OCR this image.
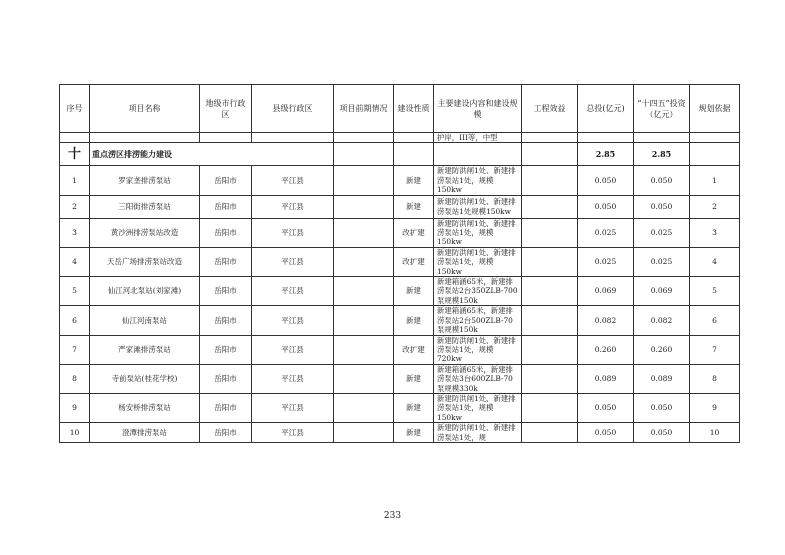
序号	项目名称	地级市行政区	县级行政区	项目前期情况	建设性质	主要建设内容和建设规模	工程效益	总投(亿元)	“十四五”投资（亿元）	规划依据
						护岸，III等，中型				
十	重点涝区排涝能力建设							2.85	2.85	
1	罗家垄排涝泵站	岳阳市	平江县		新建	新建防洪闸1处、新建排涝泵站1处，规模150kw		0.050	0.050	1
2	三阳街排涝泵站	岳阳市	平江县		新建	新建防洪闸1处、新建排涝泵站1处规模150kw		0.050	0.050	2
3	黄沙洲排涝泵站改造	岳阳市	平江县		改扩建	新建防洪闸1处、新建排涝泵站1处，规模150kw		0.025	0.025	3
4	天岳广场排涝泵站改造	岳阳市	平江县		改扩建	新建防洪闸1处、新建排涝泵站1处，规模150kw		0.025	0.025	4
5	仙江河北泵站(刘家滩)	岳阳市	平江县		新建	新建箱涵65米，新建排涝泵站2台350ZLB-700泵规模150k		0.069	0.069	5
6	仙江河南泵站	岳阳市	平江县		新建	新建箱涵65米，新建排涝泵站2台500ZLB-70泵规模150k		0.082	0.082	6
7	严家滩排涝泵站	岳阳市	平江县		改扩建	新建防洪闸1处、新建排涝泵站1处，规模720kw		0.260	0.260	7
8	寺前泵站(桂花学校)	岳阳市	平江县		新建	新建箱涵65米，新建排涝泵站3台600ZLB-70泵规模330k		0.089	0.089	8
9	杨安桥排涝泵站	岳阳市	平江县		新建	新建防洪闸1处、新建排涝泵站1处，规模150kw		0.050	0.050	9
10	澄潭排涝泵站	岳阳市	平江县		新建	新建防洪闸1处、新建排涝泵站1处，规		0.050	0.050	10
233
